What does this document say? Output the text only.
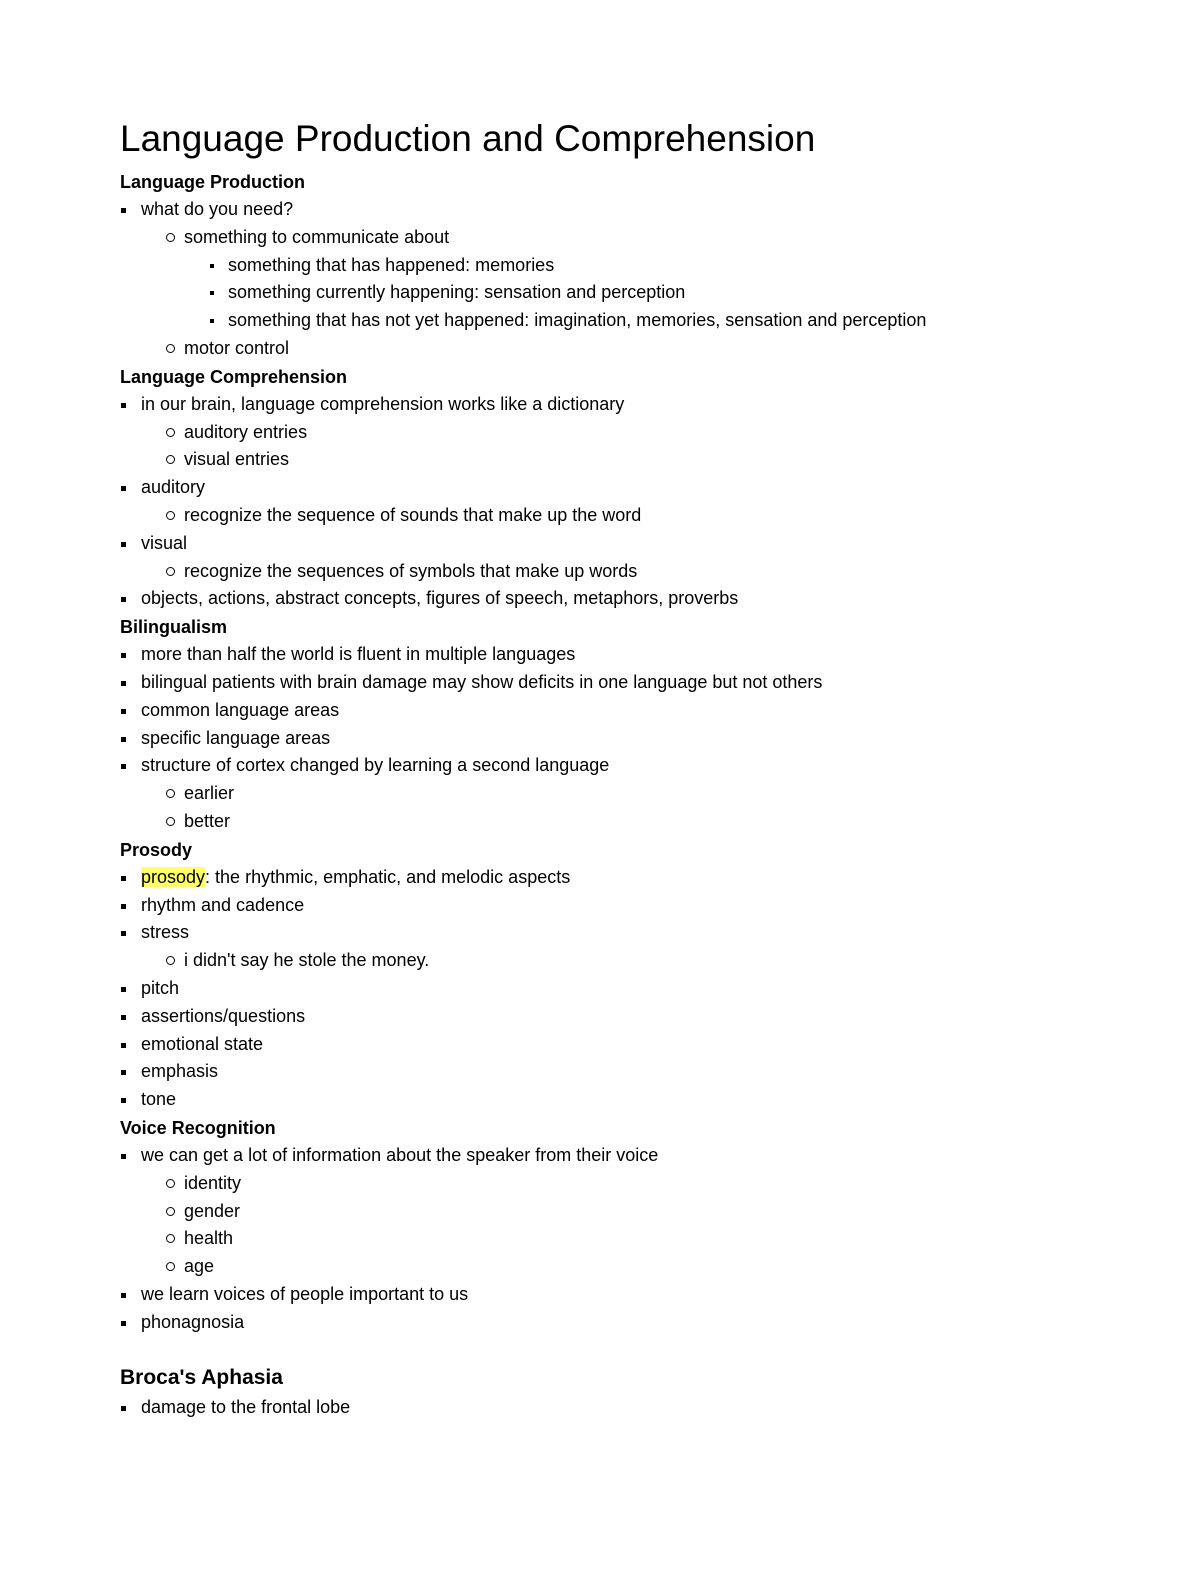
Language Production and Comprehension
Language Production
what do you need?
something to communicate about
something that has happened: memories
something currently happening: sensation and perception
something that has not yet happened: imagination, memories, sensation and perception
motor control
Language Comprehension
in our brain, language comprehension works like a dictionary
auditory entries
visual entries
auditory
recognize the sequence of sounds that make up the word
visual
recognize the sequences of symbols that make up words
objects, actions, abstract concepts, figures of speech, metaphors, proverbs
Bilingualism
more than half the world is fluent in multiple languages
bilingual patients with brain damage may show deficits in one language but not others
common language areas
specific language areas
structure of cortex changed by learning a second language
earlier
better
Prosody
prosody: the rhythmic, emphatic, and melodic aspects
rhythm and cadence
stress
i didn't say he stole the money.
pitch
assertions/questions
emotional state
emphasis
tone
Voice Recognition
we can get a lot of information about the speaker from their voice
identity
gender
health
age
we learn voices of people important to us
phonagnosia
Broca's Aphasia
damage to the frontal lobe
